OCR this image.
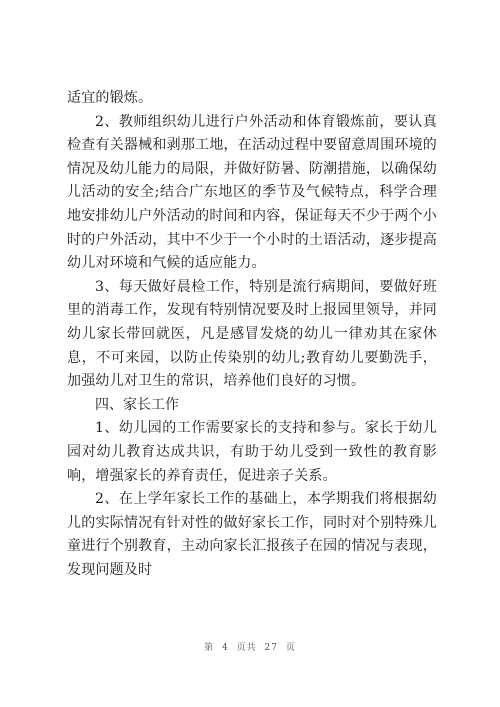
适宜的锻炼。

2、教师组织幼儿进行户外活动和体育锻炼前，要认真检查有关器械和剥那工地，在活动过程中要留意周围环境的情况及幼儿能力的局限，并做好防暑、防潮措施，以确保幼儿活动的安全;结合广东地区的季节及气候特点，科学合理地安排幼儿户外活动的时间和内容，保证每天不少于两个小时的户外活动，其中不少于一个小时的土语活动，逐步提高幼儿对环境和气候的适应能力。

3、每天做好晨检工作，特别是流行病期间，要做好班里的消毒工作，发现有特别情况要及时上报园里领导，并同幼儿家长带回就医，凡是感冒发烧的幼儿一律劝其在家休息，不可来园，以防止传染别的幼儿;教育幼儿要勤洗手，加强幼儿对卫生的常识，培养他们良好的习惯。

四、家长工作

1、幼儿园的工作需要家长的支持和参与。家长于幼儿园对幼儿教育达成共识，有助于幼儿受到一致性的教育影响，增强家长的养育责任，促进亲子关系。

2、在上学年家长工作的基础上，本学期我们将根据幼儿的实际情况有针对性的做好家长工作，同时对个别特殊儿童进行个别教育，主动向家长汇报孩子在园的情况与表现，发现问题及时

第 4 页共 27 页
